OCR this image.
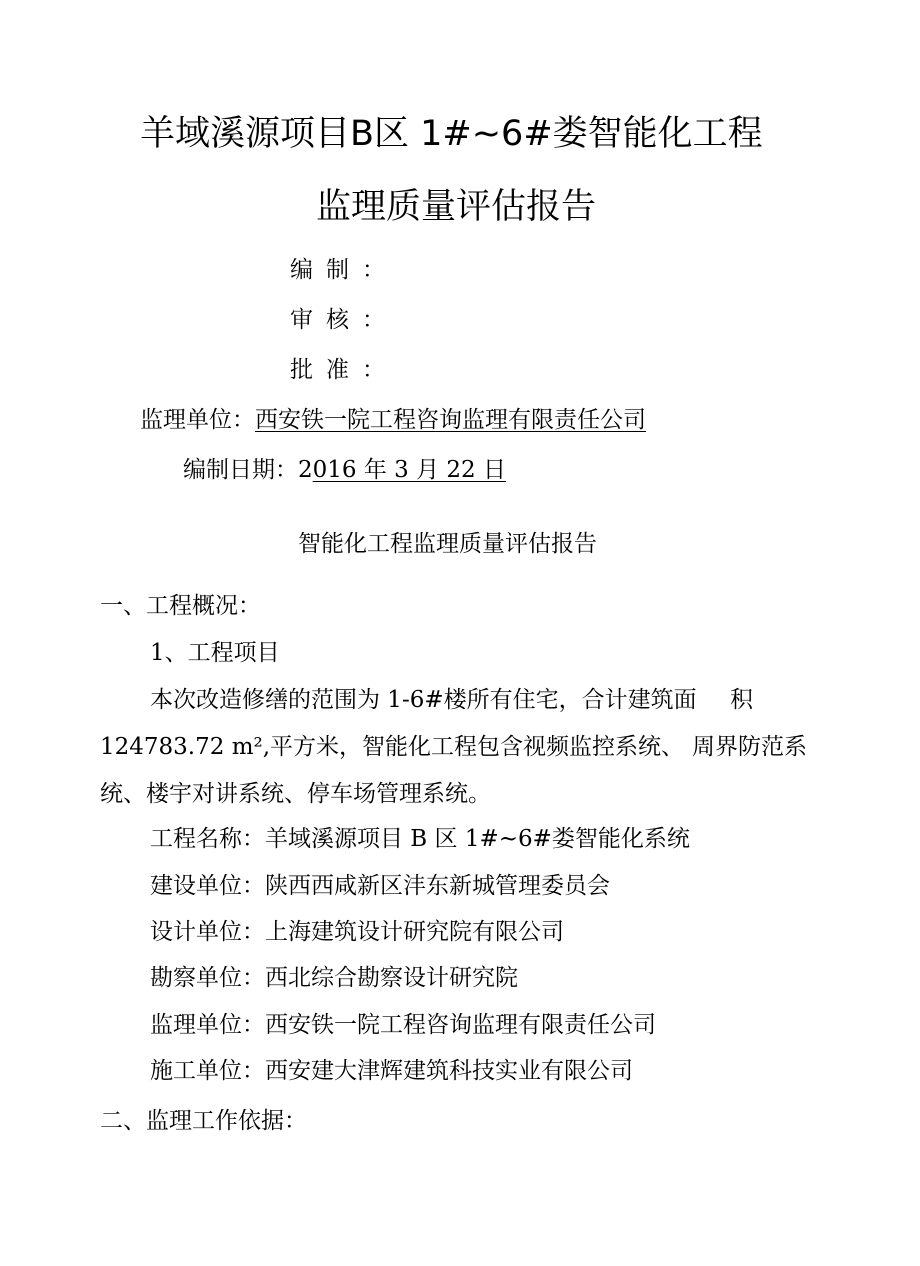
羊域溪源项目B区 1#~6#娄智能化工程
监理质量评估报告
编制：
审核：
批准：
监理单位：西安铁一院工程咨询监理有限责任公司
编制日期：2016 年 3 月 22 日
智能化工程监理质量评估报告
一、工程概况：
1、工程项目
本次改造修缮的范围为 1-6#楼所有住宅，合计建筑面 积
124783.72 m²,平方米，智能化工程包含视频监控系统、 周界防范系
统、楼宇对讲系统、停车场管理系统。
工程名称：羊域溪源项目 B 区 1#~6#娄智能化系统
建设单位：陕西西咸新区沣东新城管理委员会
设计单位：上海建筑设计研究院有限公司
勘察单位：西北综合勘察设计研究院
监理单位：西安铁一院工程咨询监理有限责任公司
施工单位：西安建大津辉建筑科技实业有限公司
二、监理工作依据：
